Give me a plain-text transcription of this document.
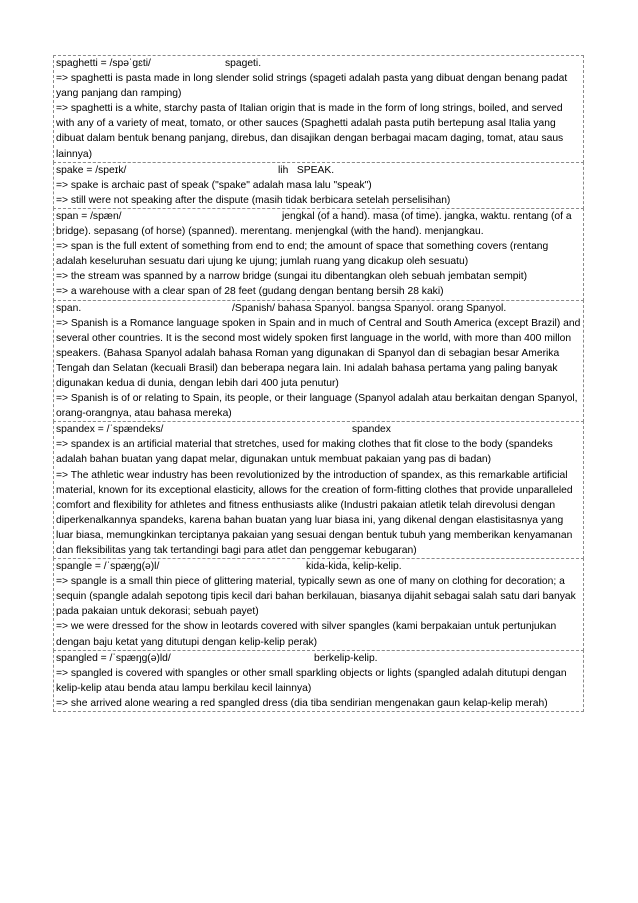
spaghetti = /spəˈɡɛti/	spageti.
=> spaghetti is pasta made in long slender solid strings (spageti adalah pasta yang dibuat dengan benang padat yang panjang dan ramping)
=> spaghetti is a white, starchy pasta of Italian origin that is made in the form of long strings, boiled, and served with any of a variety of meat, tomato, or other sauces (Spaghetti adalah pasta putih bertepung asal Italia yang dibuat dalam bentuk benang panjang, direbus, dan disajikan dengan berbagai macam daging, tomat, atau saus lainnya)
spake = /speɪk/	lih   SPEAK.
=> spake is archaic past of speak ("spake" adalah masa lalu "speak")
=> still were not speaking after the dispute (masih tidak berbicara setelah perselisihan)
span = /spæn/	jengkal (of a hand). masa (of time). jangka, waktu. rentang (of a bridge). sepasang (of horse) (spanned). merentang. menjengkal (with the hand). menjangkau.
=> span is the full extent of something from end to end; the amount of space that something covers (rentang adalah keseluruhan sesuatu dari ujung ke ujung; jumlah ruang yang dicakup oleh sesuatu)
=> the stream was spanned by a narrow bridge (sungai itu dibentangkan oleh sebuah jembatan sempit)
=> a warehouse with a clear span of 28 feet (gudang dengan bentang bersih 28 kaki)
span.	/Spanish/ bahasa Spanyol. bangsa Spanyol. orang Spanyol.
=> Spanish is a Romance language spoken in Spain and in much of Central and South America (except Brazil) and several other countries. It is the second most widely spoken first language in the world, with more than 400 millon speakers. (Bahasa Spanyol adalah bahasa Roman yang digunakan di Spanyol dan di sebagian besar Amerika Tengah dan Selatan (kecuali Brasil) dan beberapa negara lain. Ini adalah bahasa pertama yang paling banyak digunakan kedua di dunia, dengan lebih dari 400 juta penutur)
=> Spanish is of or relating to Spain, its people, or their language (Spanyol adalah atau berkaitan dengan Spanyol, orang-orangnya, atau bahasa mereka)
spandex = /ˈspændeks/	spandex
=> spandex is an artificial material that stretches, used for making clothes that fit close to the body (spandeks adalah bahan buatan yang dapat melar, digunakan untuk membuat pakaian yang pas di badan)
=> The athletic wear industry has been revolutionized by the introduction of spandex, as this remarkable artificial material, known for its exceptional elasticity, allows for the creation of form-fitting clothes that provide unparalleled comfort and flexibility for athletes and fitness enthusiasts alike (Industri pakaian atletik telah direvolusi dengan diperkenalkannya spandeks, karena bahan buatan yang luar biasa ini, yang dikenal dengan elastisitasnya yang luar biasa, memungkinkan terciptanya pakaian yang sesuai dengan bentuk tubuh yang memberikan kenyamanan dan fleksibilitas yang tak tertandingi bagi para atlet dan penggemar kebugaran)
spangle = /ˈspæŋɡ(ə)l/	kida-kida, kelip-kelip.
=> spangle is a small thin piece of glittering material, typically sewn as one of many on clothing for decoration; a sequin (spangle adalah sepotong tipis kecil dari bahan berkilauan, biasanya dijahit sebagai salah satu dari banyak pada pakaian untuk dekorasi; sebuah payet)
=> we were dressed for the show in leotards covered with silver spangles (kami berpakaian untuk pertunjukan dengan baju ketat yang ditutupi dengan kelip-kelip perak)
spangled = /ˈspæŋɡ(ə)ld/	berkelip-kelip.
=> spangled is covered with spangles or other small sparkling objects or lights (spangled adalah ditutupi dengan kelip-kelip atau benda atau lampu berkilau kecil lainnya)
=> she arrived alone wearing a red spangled dress (dia tiba sendirian mengenakan gaun kelap-kelip merah)
